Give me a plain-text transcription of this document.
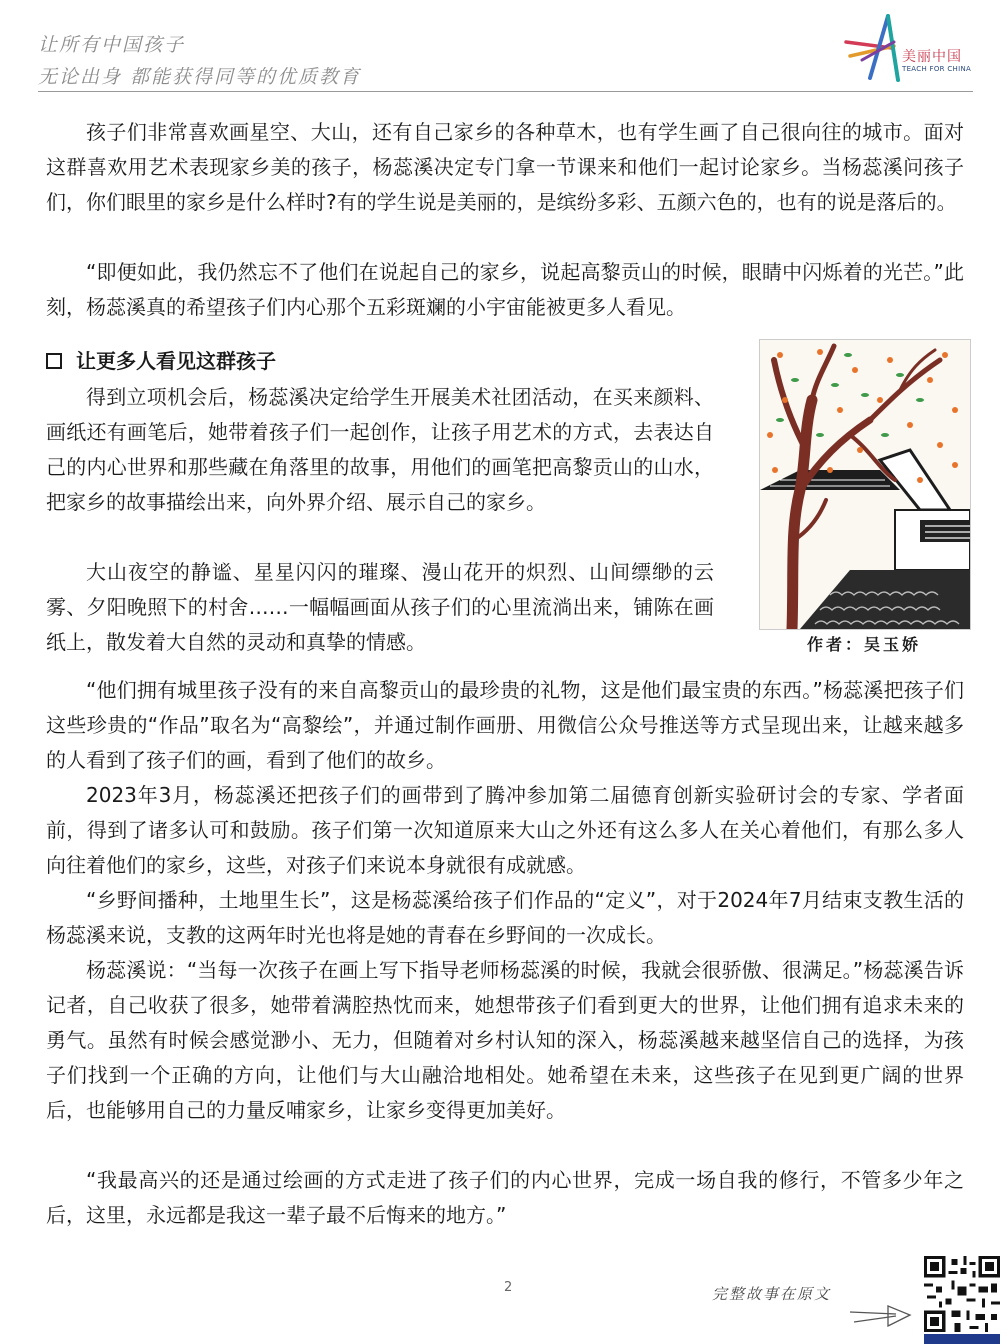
让所有中国孩子
无论出身 都能获得同等的优质教育
美丽中国
TEACH FOR CHINA

孩子们非常喜欢画星空、大山，还有自己家乡的各种草木，也有学生画了自己很向往的城市。面对这群喜欢用艺术表现家乡美的孩子，杨蕊溪决定专门拿一节课来和他们一起讨论家乡。当杨蕊溪问孩子们，你们眼里的家乡是什么样时?有的学生说是美丽的，是缤纷多彩、五颜六色的，也有的说是落后的。

“即便如此，我仍然忘不了他们在说起自己的家乡，说起高黎贡山的时候，眼睛中闪烁着的光芒。”此刻，杨蕊溪真的希望孩子们内心那个五彩斑斓的小宇宙能被更多人看见。

让更多人看见这群孩子

得到立项机会后，杨蕊溪决定给学生开展美术社团活动，在买来颜料、画纸还有画笔后，她带着孩子们一起创作，让孩子用艺术的方式，去表达自己的内心世界和那些藏在角落里的故事，用他们的画笔把高黎贡山的山水，把家乡的故事描绘出来，向外界介绍、展示自己的家乡。

大山夜空的静谧、星星闪闪的璀璨、漫山花开的炽烈、山间缥缈的云雾、夕阳晚照下的村舍……一幅幅画面从孩子们的心里流淌出来，铺陈在画纸上，散发着大自然的灵动和真挚的情感。	作者：吴玉娇

“他们拥有城里孩子没有的来自高黎贡山的最珍贵的礼物，这是他们最宝贵的东西。”杨蕊溪把孩子们这些珍贵的“作品”取名为“高黎绘”，并通过制作画册、用微信公众号推送等方式呈现出来，让越来越多的人看到了孩子们的画，看到了他们的故乡。

2023年3月，杨蕊溪还把孩子们的画带到了腾冲参加第二届德育创新实验研讨会的专家、学者面前，得到了诸多认可和鼓励。孩子们第一次知道原来大山之外还有这么多人在关心着他们，有那么多人向往着他们的家乡，这些，对孩子们来说本身就很有成就感。

“乡野间播种，土地里生长”，这是杨蕊溪给孩子们作品的“定义”，对于2024年7月结束支教生活的杨蕊溪来说，支教的这两年时光也将是她的青春在乡野间的一次成长。

杨蕊溪说：“当每一次孩子在画上写下指导老师杨蕊溪的时候，我就会很骄傲、很满足。”杨蕊溪告诉记者，自己收获了很多，她带着满腔热忱而来，她想带孩子们看到更大的世界，让他们拥有追求未来的勇气。虽然有时候会感觉渺小、无力，但随着对乡村认知的深入，杨蕊溪越来越坚信自己的选择，为孩子们找到一个正确的方向，让他们与大山融洽地相处。她希望在未来，这些孩子在见到更广阔的世界后，也能够用自己的力量反哺家乡，让家乡变得更加美好。

“我最高兴的还是通过绘画的方式走进了孩子们的内心世界，完成一场自我的修行，不管多少年之后，这里，永远都是我这一辈子最不后悔来的地方。”

2	完整故事在原文
